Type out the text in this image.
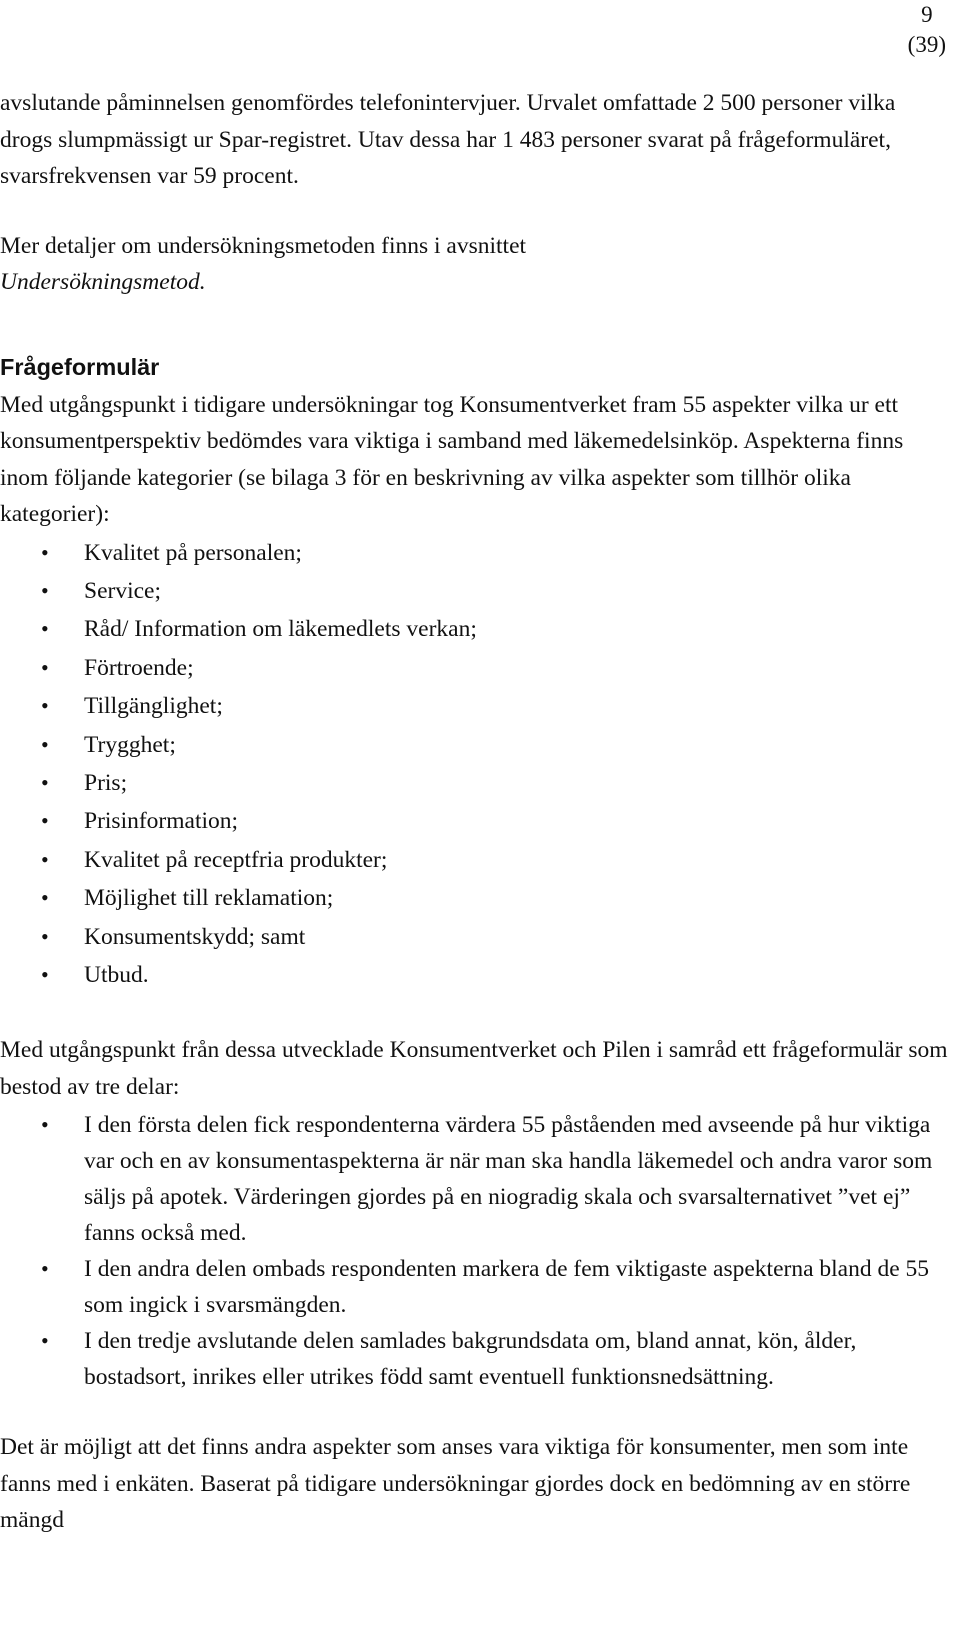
9
(39)

avslutande påminnelsen genomfördes telefonintervjuer. Urvalet omfattade 2 500 personer vilka drogs slumpmässigt ur Spar-registret. Utav dessa har 1 483 personer svarat på frågeformuläret, svarsfrekvensen var 59 procent.

Mer detaljer om undersökningsmetoden finns i avsnittet
Undersökningsmetod.

Frågeformulär

Med utgångspunkt i tidigare undersökningar tog Konsumentverket fram 55 aspekter vilka ur ett konsumentperspektiv bedömdes vara viktiga i samband med läkemedelsinköp. Aspekterna finns inom följande kategorier (se bilaga 3 för en beskrivning av vilka aspekter som tillhör olika kategorier):

• Kvalitet på personalen;
• Service;
• Råd/ Information om läkemedlets verkan;
• Förtroende;
• Tillgänglighet;
• Trygghet;
• Pris;
• Prisinformation;
• Kvalitet på receptfria produkter;
• Möjlighet till reklamation;
• Konsumentskydd; samt
• Utbud.

Med utgångspunkt från dessa utvecklade Konsumentverket och Pilen i samråd ett frågeformulär som bestod av tre delar:

• I den första delen fick respondenterna värdera 55 påståenden med avseende på hur viktiga var och en av konsumentaspekterna är när man ska handla läkemedel och andra varor som säljs på apotek. Värderingen gjordes på en niogradig skala och svarsalternativet ”vet ej” fanns också med.
• I den andra delen ombads respondenten markera de fem viktigaste aspekterna bland de 55 som ingick i svarsmängden.
• I den tredje avslutande delen samlades bakgrundsdata om, bland annat, kön, ålder, bostadsort, inrikes eller utrikes född samt eventuell funktionsnedsättning.

Det är möjligt att det finns andra aspekter som anses vara viktiga för konsumenter, men som inte fanns med i enkäten. Baserat på tidigare undersökningar gjordes dock en bedömning av en större mängd
